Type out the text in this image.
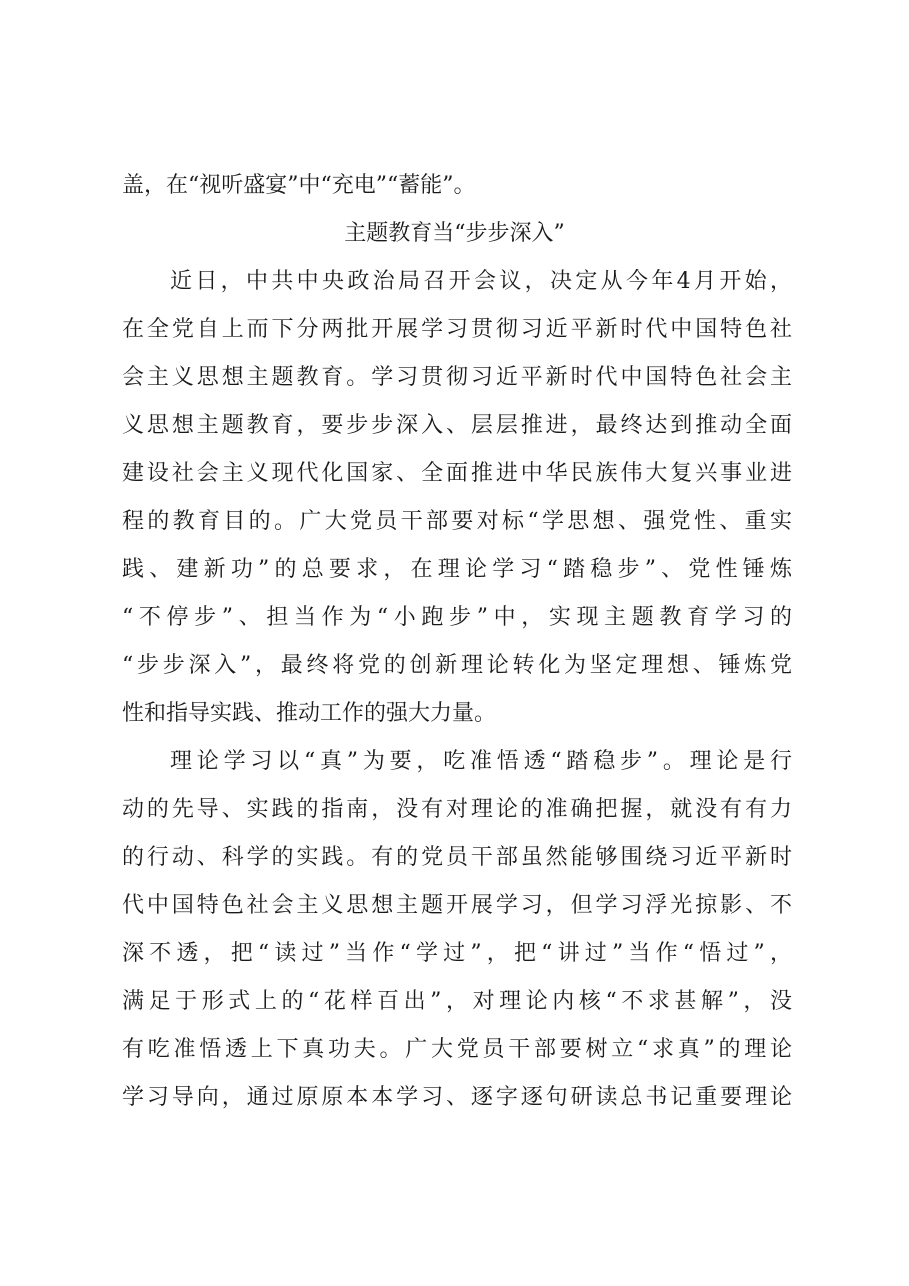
盖，在“视听盛宴”中“充电”“蓄能”。
主题教育当“步步深入”
近日，中共中央政治局召开会议，决定从今年4月开始，
在全党自上而下分两批开展学习贯彻习近平新时代中国特色社
会主义思想主题教育。学习贯彻习近平新时代中国特色社会主
义思想主题教育，要步步深入、层层推进，最终达到推动全面
建设社会主义现代化国家、全面推进中华民族伟大复兴事业进
程的教育目的。广大党员干部要对标“学思想、强党性、重实
践、建新功”的总要求，在理论学习“踏稳步”、党性锤炼
“不停步”、担当作为“小跑步”中，实现主题教育学习的
“步步深入”，最终将党的创新理论转化为坚定理想、锤炼党
性和指导实践、推动工作的强大力量。
理论学习以“真”为要，吃准悟透“踏稳步”。理论是行
动的先导、实践的指南，没有对理论的准确把握，就没有有力
的行动、科学的实践。有的党员干部虽然能够围绕习近平新时
代中国特色社会主义思想主题开展学习，但学习浮光掠影、不
深不透，把“读过”当作“学过”，把“讲过”当作“悟过”，
满足于形式上的“花样百出”，对理论内核“不求甚解”，没
有吃准悟透上下真功夫。广大党员干部要树立“求真”的理论
学习导向，通过原原本本学习、逐字逐句研读总书记重要理论
